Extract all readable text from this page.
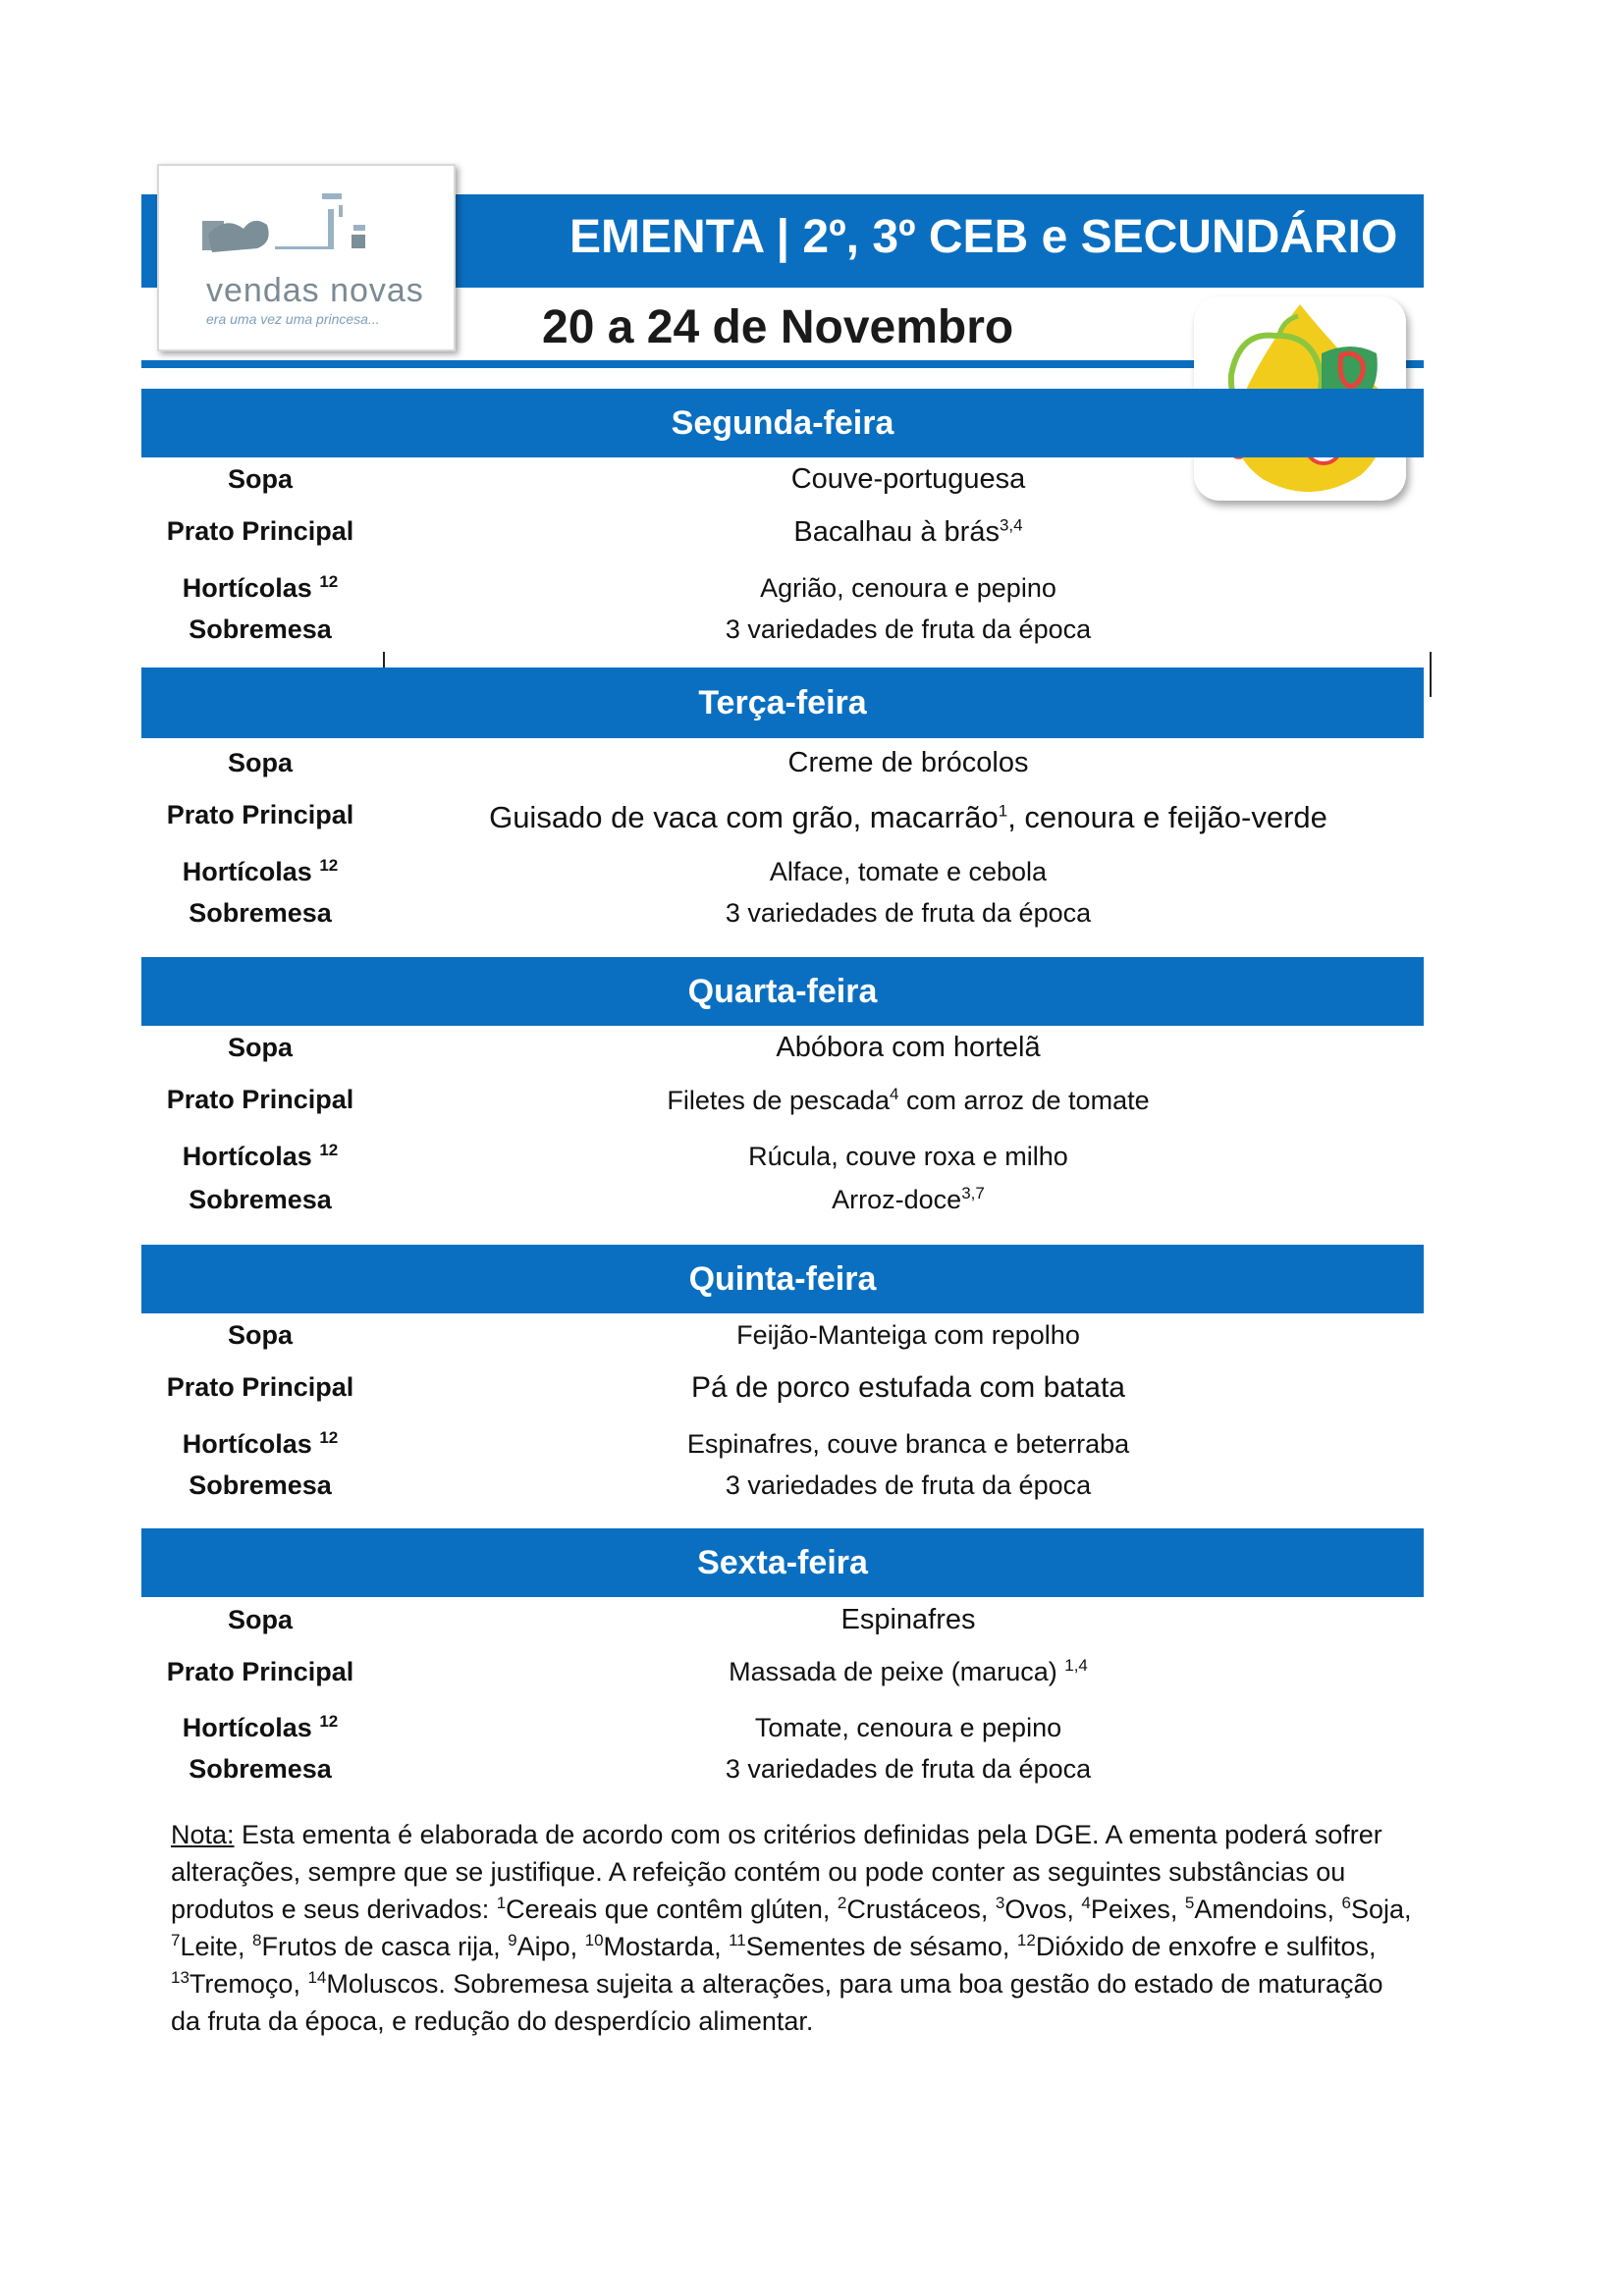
EMENTA | 2º, 3º CEB e SECUNDÁRIO
20 a 24 de Novembro
vendas novas
era uma vez uma princesa...
Segunda-feira
Sopa	Couve-portuguesa
Prato Principal	Bacalhau à brás$^{3,4}$
Hortícolas $^{12}$	Agrião, cenoura e pepino
Sobremesa	3 variedades de fruta da época
Terça-feira
Sopa	Creme de brócolos
Prato Principal	Guisado de vaca com grão, macarrão$^1$, cenoura e feijão-verde
Hortícolas $^{12}$	Alface, tomate e cebola
Sobremesa	3 variedades de fruta da época
Quarta-feira
Sopa	Abóbora com hortelã
Prato Principal	Filetes de pescada$^4$ com arroz de tomate
Hortícolas $^{12}$	Rúcula, couve roxa e milho
Sobremesa	Arroz-doce$^{3,7}$
Quinta-feira
Sopa	Feijão-Manteiga com repolho
Prato Principal	Pá de porco estufada com batata
Hortícolas $^{12}$	Espinafres, couve branca e beterraba
Sobremesa	3 variedades de fruta da época
Sexta-feira
Sopa	Espinafres
Prato Principal	Massada de peixe (maruca) $^{1,4}$
Hortícolas $^{12}$	Tomate, cenoura e pepino
Sobremesa	3 variedades de fruta da época
Nota: Esta ementa é elaborada de acordo com os critérios definidas pela DGE. A ementa poderá sofrer alterações, sempre que se justifique. A refeição contém ou pode conter as seguintes substâncias ou produtos e seus derivados: $^1$Cereais que contêm glúten, $^2$Crustáceos, $^3$Ovos, $^4$Peixes, $^5$Amendoins, $^6$Soja, $^7$Leite, $^8$Frutos de casca rija, $^9$Aipo, $^{10}$Mostarda, $^{11}$Sementes de sésamo, $^{12}$Dióxido de enxofre e sulfitos, $^{13}$Tremoço, $^{14}$Moluscos. Sobremesa sujeita a alterações, para uma boa gestão do estado de maturação da fruta da época, e redução do desperdício alimentar.
